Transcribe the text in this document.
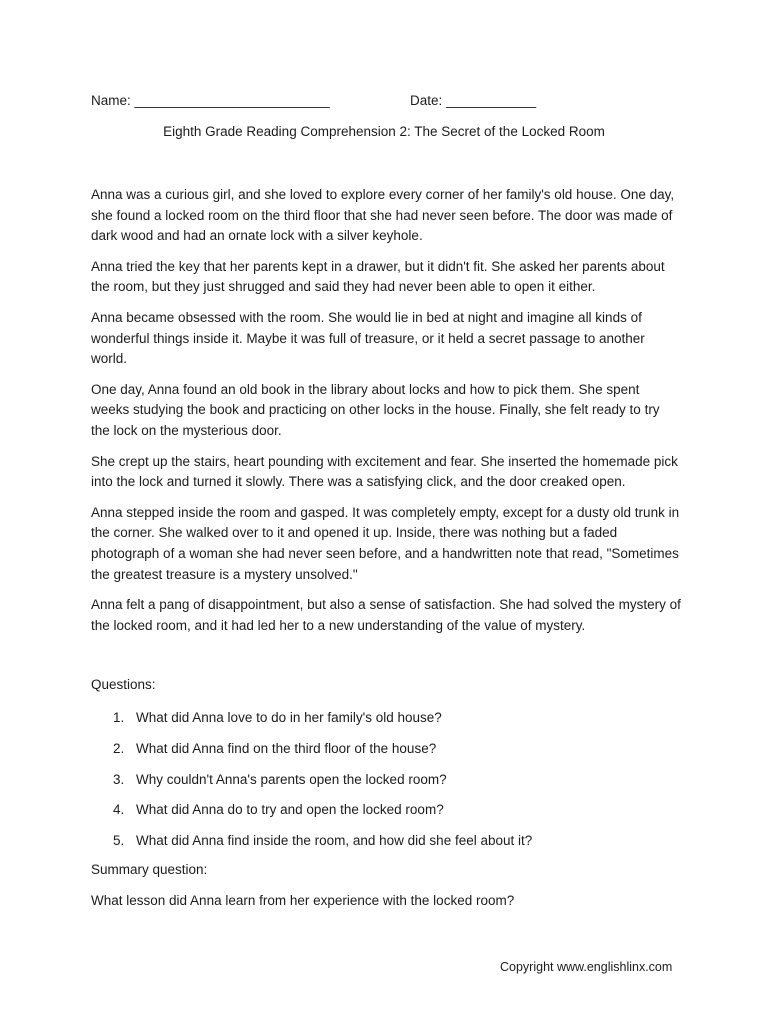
Name: __________________________	Date: ____________
Eighth Grade Reading Comprehension 2: The Secret of the Locked Room

Anna was a curious girl, and she loved to explore every corner of her family's old house. One day, she found a locked room on the third floor that she had never seen before. The door was made of dark wood and had an ornate lock with a silver keyhole.

Anna tried the key that her parents kept in a drawer, but it didn't fit. She asked her parents about the room, but they just shrugged and said they had never been able to open it either.

Anna became obsessed with the room. She would lie in bed at night and imagine all kinds of wonderful things inside it. Maybe it was full of treasure, or it held a secret passage to another world.

One day, Anna found an old book in the library about locks and how to pick them. She spent weeks studying the book and practicing on other locks in the house. Finally, she felt ready to try the lock on the mysterious door.

She crept up the stairs, heart pounding with excitement and fear. She inserted the homemade pick into the lock and turned it slowly. There was a satisfying click, and the door creaked open.

Anna stepped inside the room and gasped. It was completely empty, except for a dusty old trunk in the corner. She walked over to it and opened it up. Inside, there was nothing but a faded photograph of a woman she had never seen before, and a handwritten note that read, "Sometimes the greatest treasure is a mystery unsolved."

Anna felt a pang of disappointment, but also a sense of satisfaction. She had solved the mystery of the locked room, and it had led her to a new understanding of the value of mystery.

Questions:
1. What did Anna love to do in her family's old house?
2. What did Anna find on the third floor of the house?
3. Why couldn't Anna's parents open the locked room?
4. What did Anna do to try and open the locked room?
5. What did Anna find inside the room, and how did she feel about it?
Summary question:
What lesson did Anna learn from her experience with the locked room?
Copyright www.englishlinx.com
